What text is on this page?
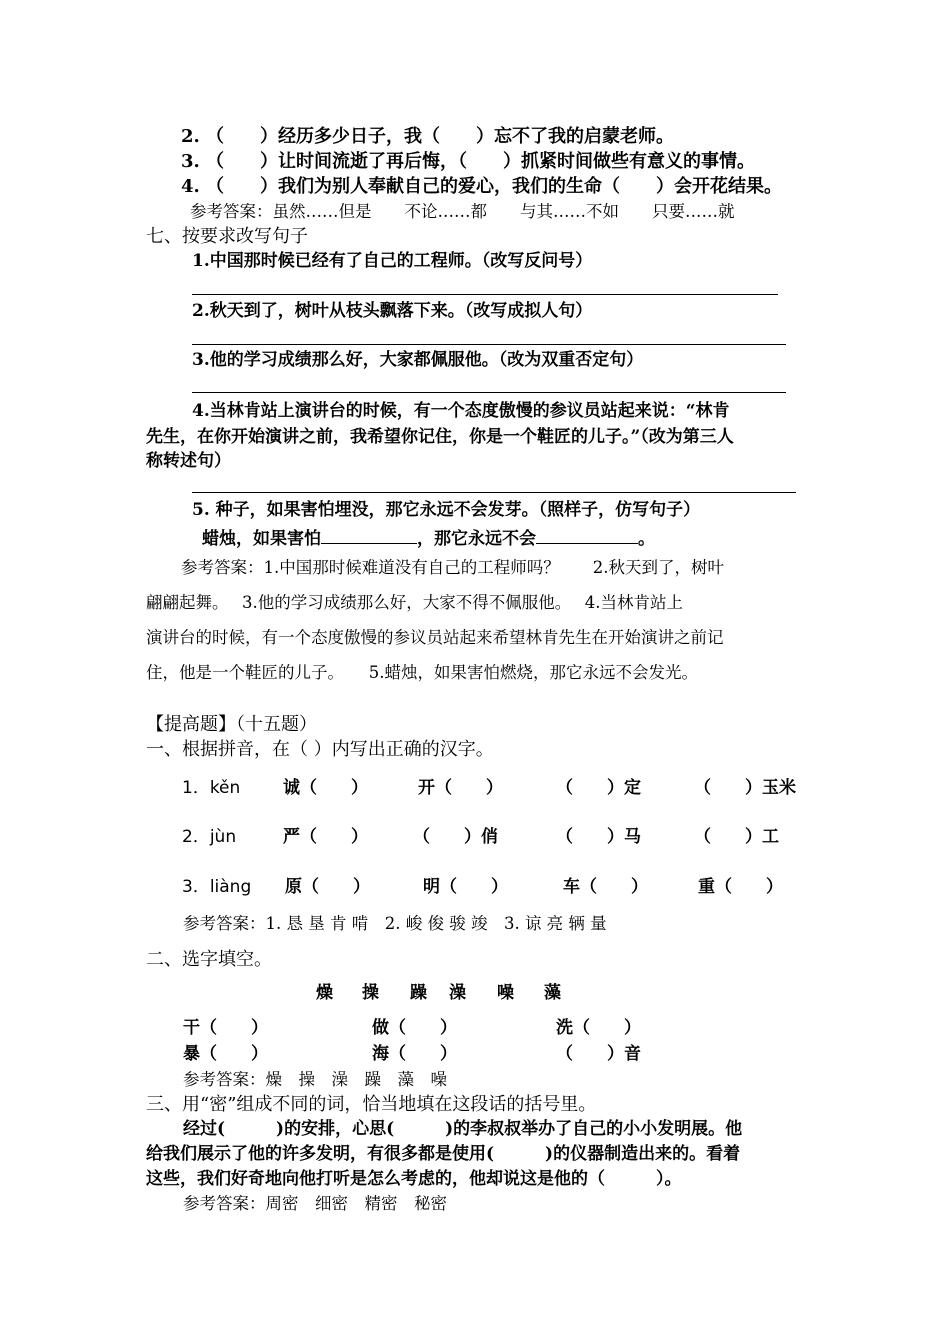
2. （　　）经历多少日子，我（　　）忘不了我的启蒙老师。
3. （　　）让时间流逝了再后悔，（　　）抓紧时间做些有意义的事情。
4. （　　）我们为别人奉献自己的爱心，我们的生命（　　）会开花结果。
参考答案：虽然……但是　　不论……都　　与其……不如　　只要……就
七、按要求改写句子
1.中国那时候已经有了自己的工程师。（改写反问号）
2.秋天到了，树叶从枝头飘落下来。（改写成拟人句）
3.他的学习成绩那么好，大家都佩服他。（改为双重否定句）
4.当林肯站上演讲台的时候，有一个态度傲慢的参议员站起来说：“林肯
先生，在你开始演讲之前，我希望你记住，你是一个鞋匠的儿子。”（改为第三人
称转述句）
5. 种子，如果害怕埋没，那它永远不会发芽。（照样子，仿写句子）
蜡烛，如果害怕	，那它永远不会	。
参考答案：1.中国那时候难道没有自己的工程师吗？　　2.秋天到了，树叶
翩翩起舞。　 3.他的学习成绩那么好，大家不得不佩服他。　 4.当林肯站上
演讲台的时候，有一个态度傲慢的参议员站起来希望林肯先生在开始演讲之前记
住，他是一个鞋匠的儿子。　　5.蜡烛，如果害怕燃烧，那它永远不会发光。
【提高题】（十五题）
一、根据拼音，在（ ）内写出正确的汉字。
1．kěn	诚（　　）	开（　　）	（　　）定	（　　）玉米
2．jùn	严（　　）	（　　）俏	（　　）马	（　　）工
3．liàng 原（　　）	明（　　）	车（　　）	重（　　）
参考答案：1. 恳 垦 肯 啃　2. 峻 俊 骏 竣　3. 谅 亮 辆 量
二、选字填空。
燥 操 躁 澡 噪 藻
干（　　）	做（　　）	洗（　　）
暴（　　）	海（　　）	（　　）音
参考答案：燥　操　澡　躁　藻　噪
三、用“密”组成不同的词，恰当地填在这段话的括号里。
经过(　　　)的安排，心思(　　　)的李叔叔举办了自己的小小发明展。他
给我们展示了他的许多发明，有很多都是使用(　　　)的仪器制造出来的。看着
这些，我们好奇地向他打听是怎么考虑的，他却说这是他的（　　　）。
参考答案：周密　细密　精密　秘密
